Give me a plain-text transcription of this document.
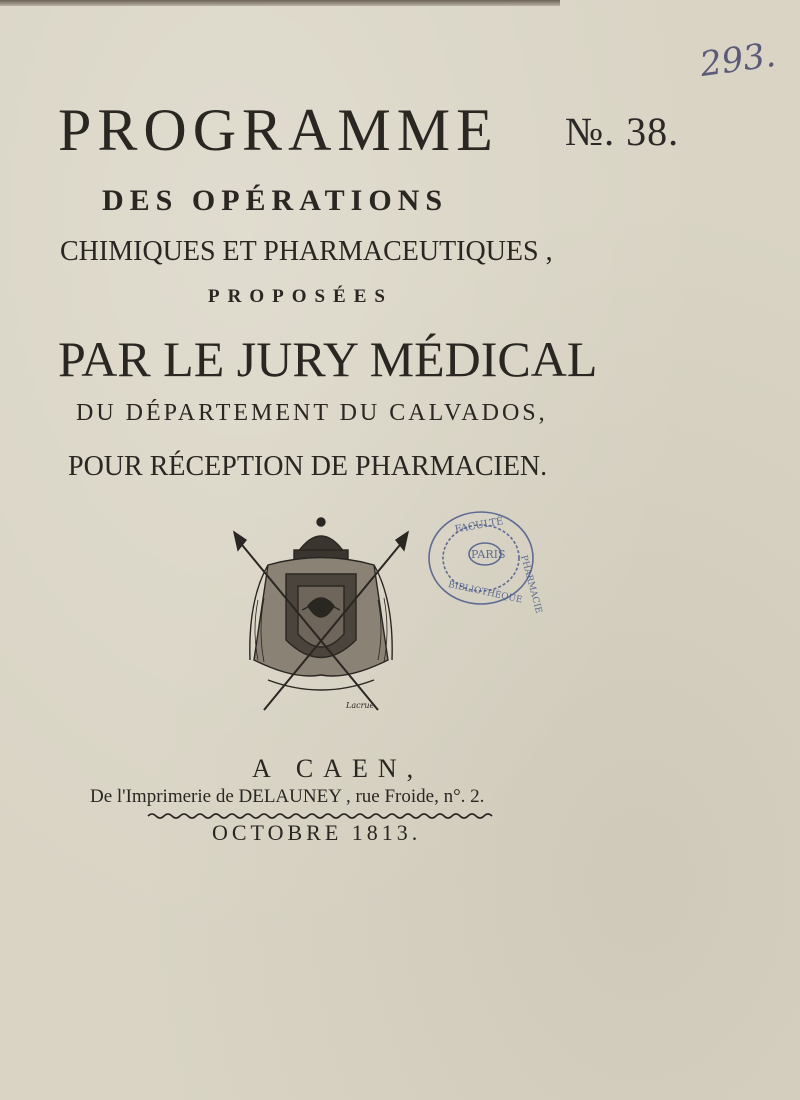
293.
PROGRAMME №. 38.
DES OPÉRATIONS
CHIMIQUES ET PHARMACEUTIQUES ,
PROPOSÉES
PAR LE JURY MÉDICAL
DU DÉPARTEMENT DU CALVADOS,
POUR RÉCEPTION DE PHARMACIEN.
Lacrue
FACULTÉ
PHARMACIE
PARIS
BIBLIOTHÈQUE
A CAEN,
De l'Imprimerie de DELAUNEY , rue Froide, n°. 2.
OCTOBRE 1813.
